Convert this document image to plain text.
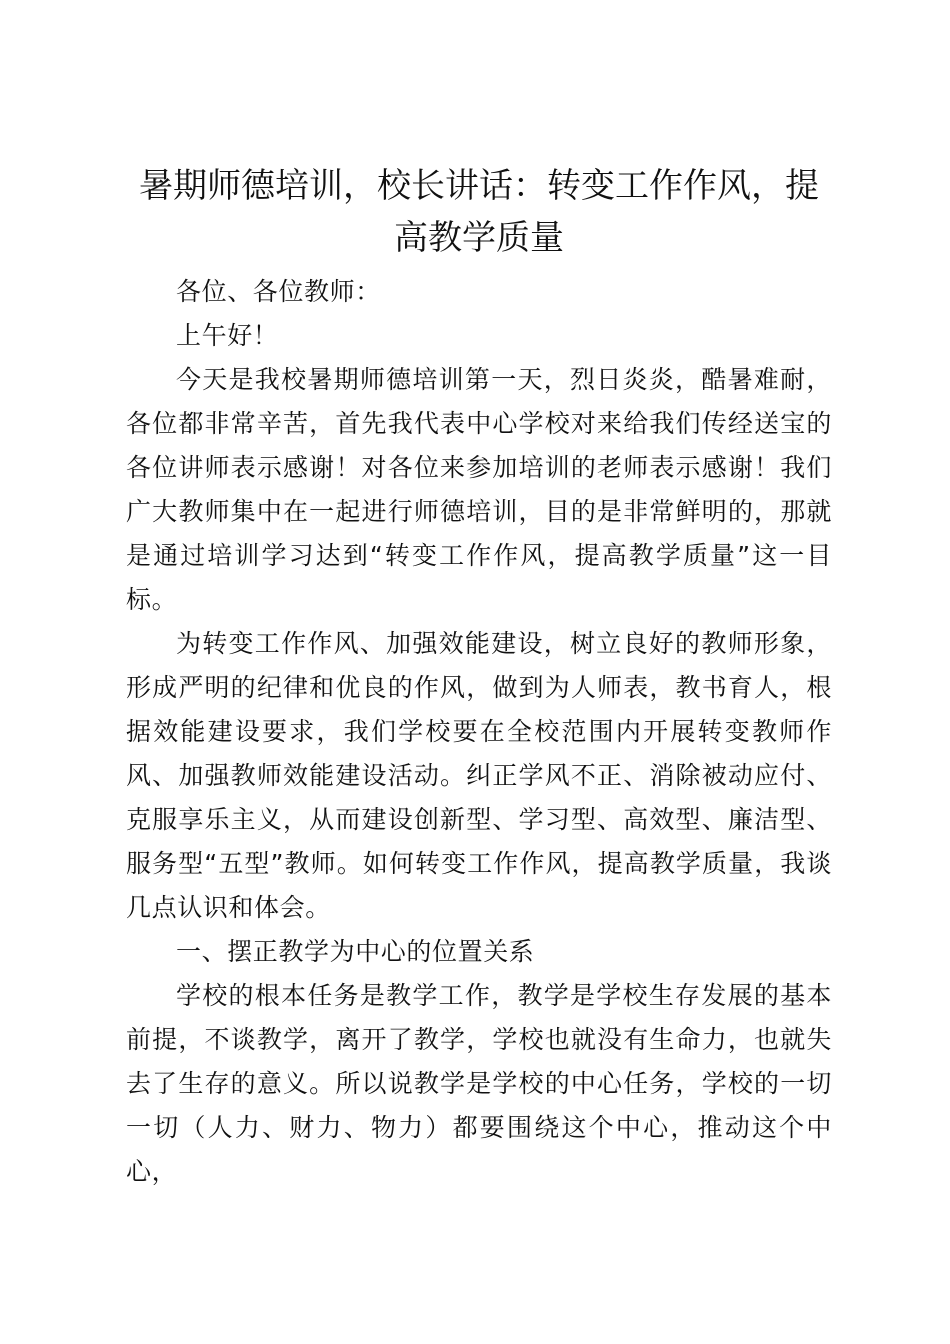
暑期师德培训，校长讲话：转变工作作风，提高教学质量

各位、各位教师：

上午好！

今天是我校暑期师德培训第一天，烈日炎炎，酷暑难耐，各位都非常辛苦，首先我代表中心学校对来给我们传经送宝的各位讲师表示感谢！对各位来参加培训的老师表示感谢！我们广大教师集中在一起进行师德培训，目的是非常鲜明的，那就是通过培训学习达到“转变工作作风，提高教学质量”这一目标。

为转变工作作风、加强效能建设，树立良好的教师形象，形成严明的纪律和优良的作风，做到为人师表，教书育人，根据效能建设要求，我们学校要在全校范围内开展转变教师作风、加强教师效能建设活动。纠正学风不正、消除被动应付、克服享乐主义，从而建设创新型、学习型、高效型、廉洁型、服务型“五型”教师。如何转变工作作风，提高教学质量，我谈几点认识和体会。

一、摆正教学为中心的位置关系

学校的根本任务是教学工作，教学是学校生存发展的基本前提，不谈教学，离开了教学，学校也就没有生命力，也就失去了生存的意义。所以说教学是学校的中心任务，学校的一切一切（人力、财力、物力）都要围绕这个中心，推动这个中心，
